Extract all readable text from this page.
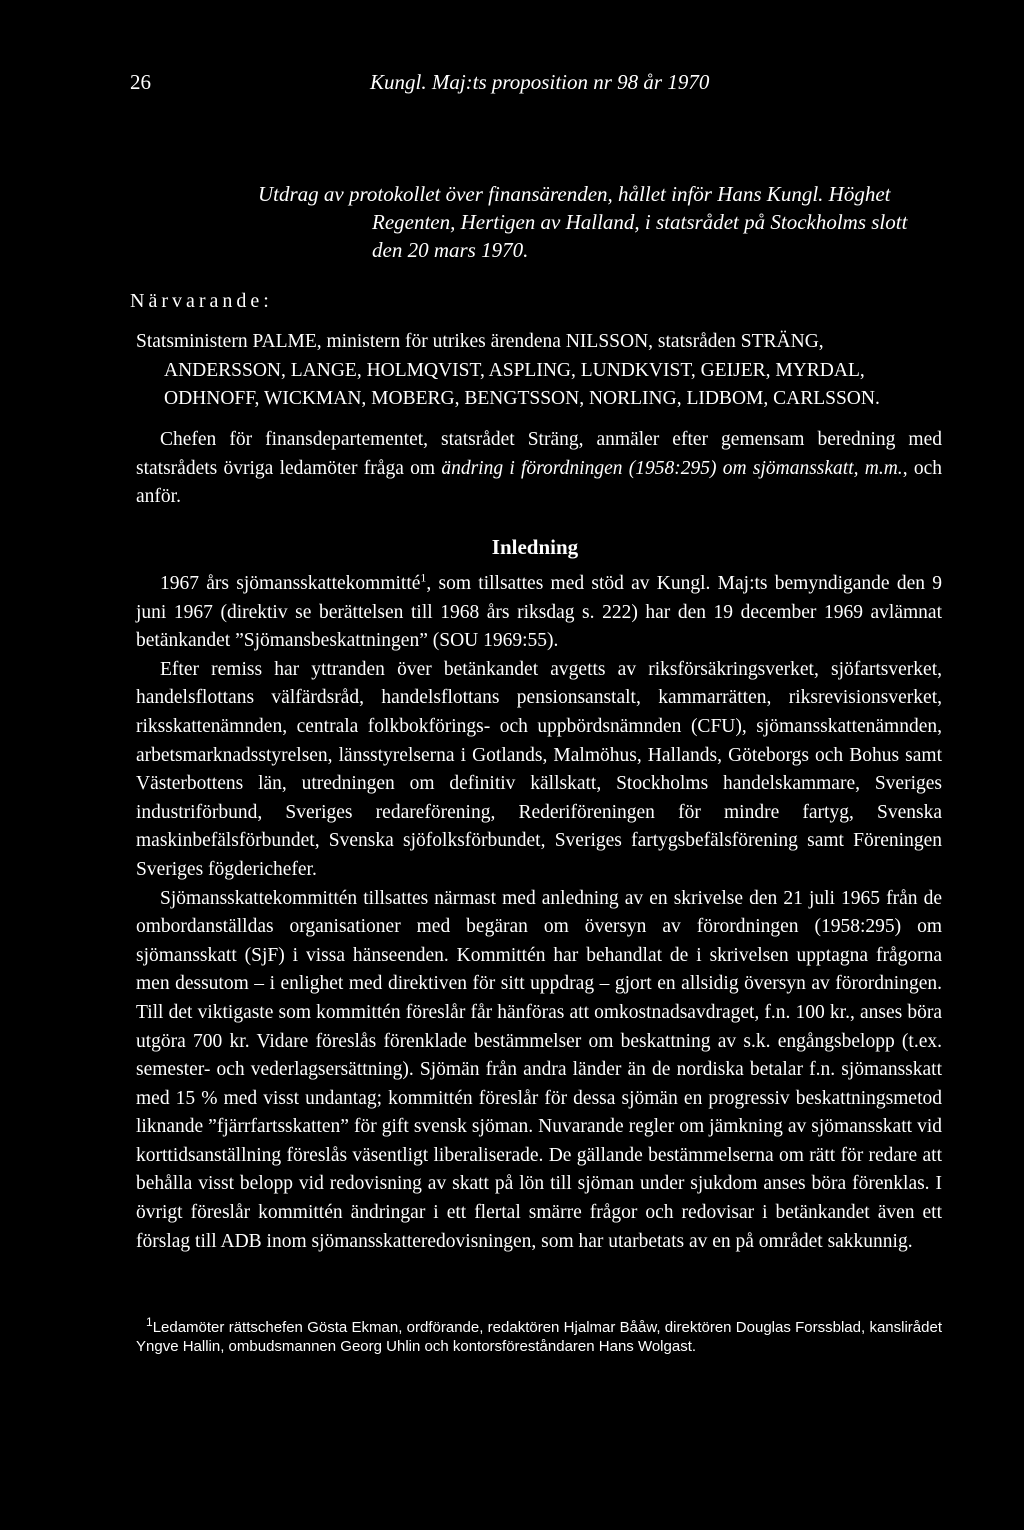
26	Kungl. Maj:ts proposition nr 98 år 1970
Utdrag av protokollet över finansärenden, hållet inför Hans Kungl. Höghet
Regenten, Hertigen av Halland, i statsrådet på Stockholms slott
den 20 mars 1970.
Närvarande:

Statsministern PALME, ministern för utrikes ärendena NILSSON, statsråden STRÄNG,
ANDERSSON, LANGE, HOLMQVIST, ASPLING, LUNDKVIST, GEIJER, MYRDAL,
ODHNOFF, WICKMAN, MOBERG, BENGTSSON, NORLING, LIDBOM, CARLSSON.

Chefen för finansdepartementet, statsrådet Sträng, anmäler efter gemensam beredning med statsrådets övriga ledamöter fråga om ändring i förordningen (1958:295) om sjömansskatt, m.m., och anför.

Inledning

1967 års sjömansskattekommitté$^1$, som tillsattes med stöd av Kungl. Maj:ts bemyndigande den 9 juni 1967 (direktiv se berättelsen till 1968 års riksdag s. 222) har den 19 december 1969 avlämnat betänkandet ”Sjömansbeskattningen” (SOU 1969:55).

Efter remiss har yttranden över betänkandet avgetts av riksförsäkringsverket, sjöfartsverket, handelsflottans välfärdsråd, handelsflottans pensionsanstalt, kammarrätten, riksrevisionsverket, riksskattenämnden, centrala folkbokförings- och uppbördsnämnden (CFU), sjömansskattenämnden, arbetsmarknadsstyrelsen, länsstyrelserna i Gotlands, Malmöhus, Hallands, Göteborgs och Bohus samt Västerbottens län, utredningen om definitiv källskatt, Stockholms handelskammare, Sveriges industriförbund, Sveriges redareförening, Rederiföreningen för mindre fartyg, Svenska maskinbefälsförbundet, Svenska sjöfolksförbundet, Sveriges fartygsbefälsförening samt Föreningen Sveriges fögderichefer.

Sjömansskattekommittén tillsattes närmast med anledning av en skrivelse den 21 juli 1965 från de ombordanställdas organisationer med begäran om översyn av förordningen (1958:295) om sjömansskatt (SjF) i vissa hänseenden. Kommittén har behandlat de i skrivelsen upptagna frågorna men dessutom – i enlighet med direktiven för sitt uppdrag – gjort en allsidig översyn av förordningen. Till det viktigaste som kommittén föreslår får hänföras att omkostnadsavdraget, f.n. 100 kr., anses böra utgöra 700 kr. Vidare föreslås förenklade bestämmelser om beskattning av s.k. engångsbelopp (t.ex. semester- och vederlagsersättning). Sjömän från andra länder än de nordiska betalar f.n. sjömansskatt med 15 % med visst undantag; kommittén föreslår för dessa sjömän en progressiv beskattningsmetod liknande ”fjärrfartsskatten” för gift svensk sjöman. Nuvarande regler om jämkning av sjömansskatt vid korttidsanställning föreslås väsentligt liberaliserade. De gällande bestämmelserna om rätt för redare att behålla visst belopp vid redovisning av skatt på lön till sjöman under sjukdom anses böra förenklas. I övrigt föreslår kommittén ändringar i ett flertal smärre frågor och redovisar i betänkandet även ett förslag till ADB inom sjömansskatteredovisningen, som har utarbetats av en på området sakkunnig.

$^1$Ledamöter rättschefen Gösta Ekman, ordförande, redaktören Hjalmar Bååw, direktören Douglas Forssblad, kanslirådet Yngve Hallin, ombudsmannen Georg Uhlin och kontorsföreståndaren Hans Wolgast.
